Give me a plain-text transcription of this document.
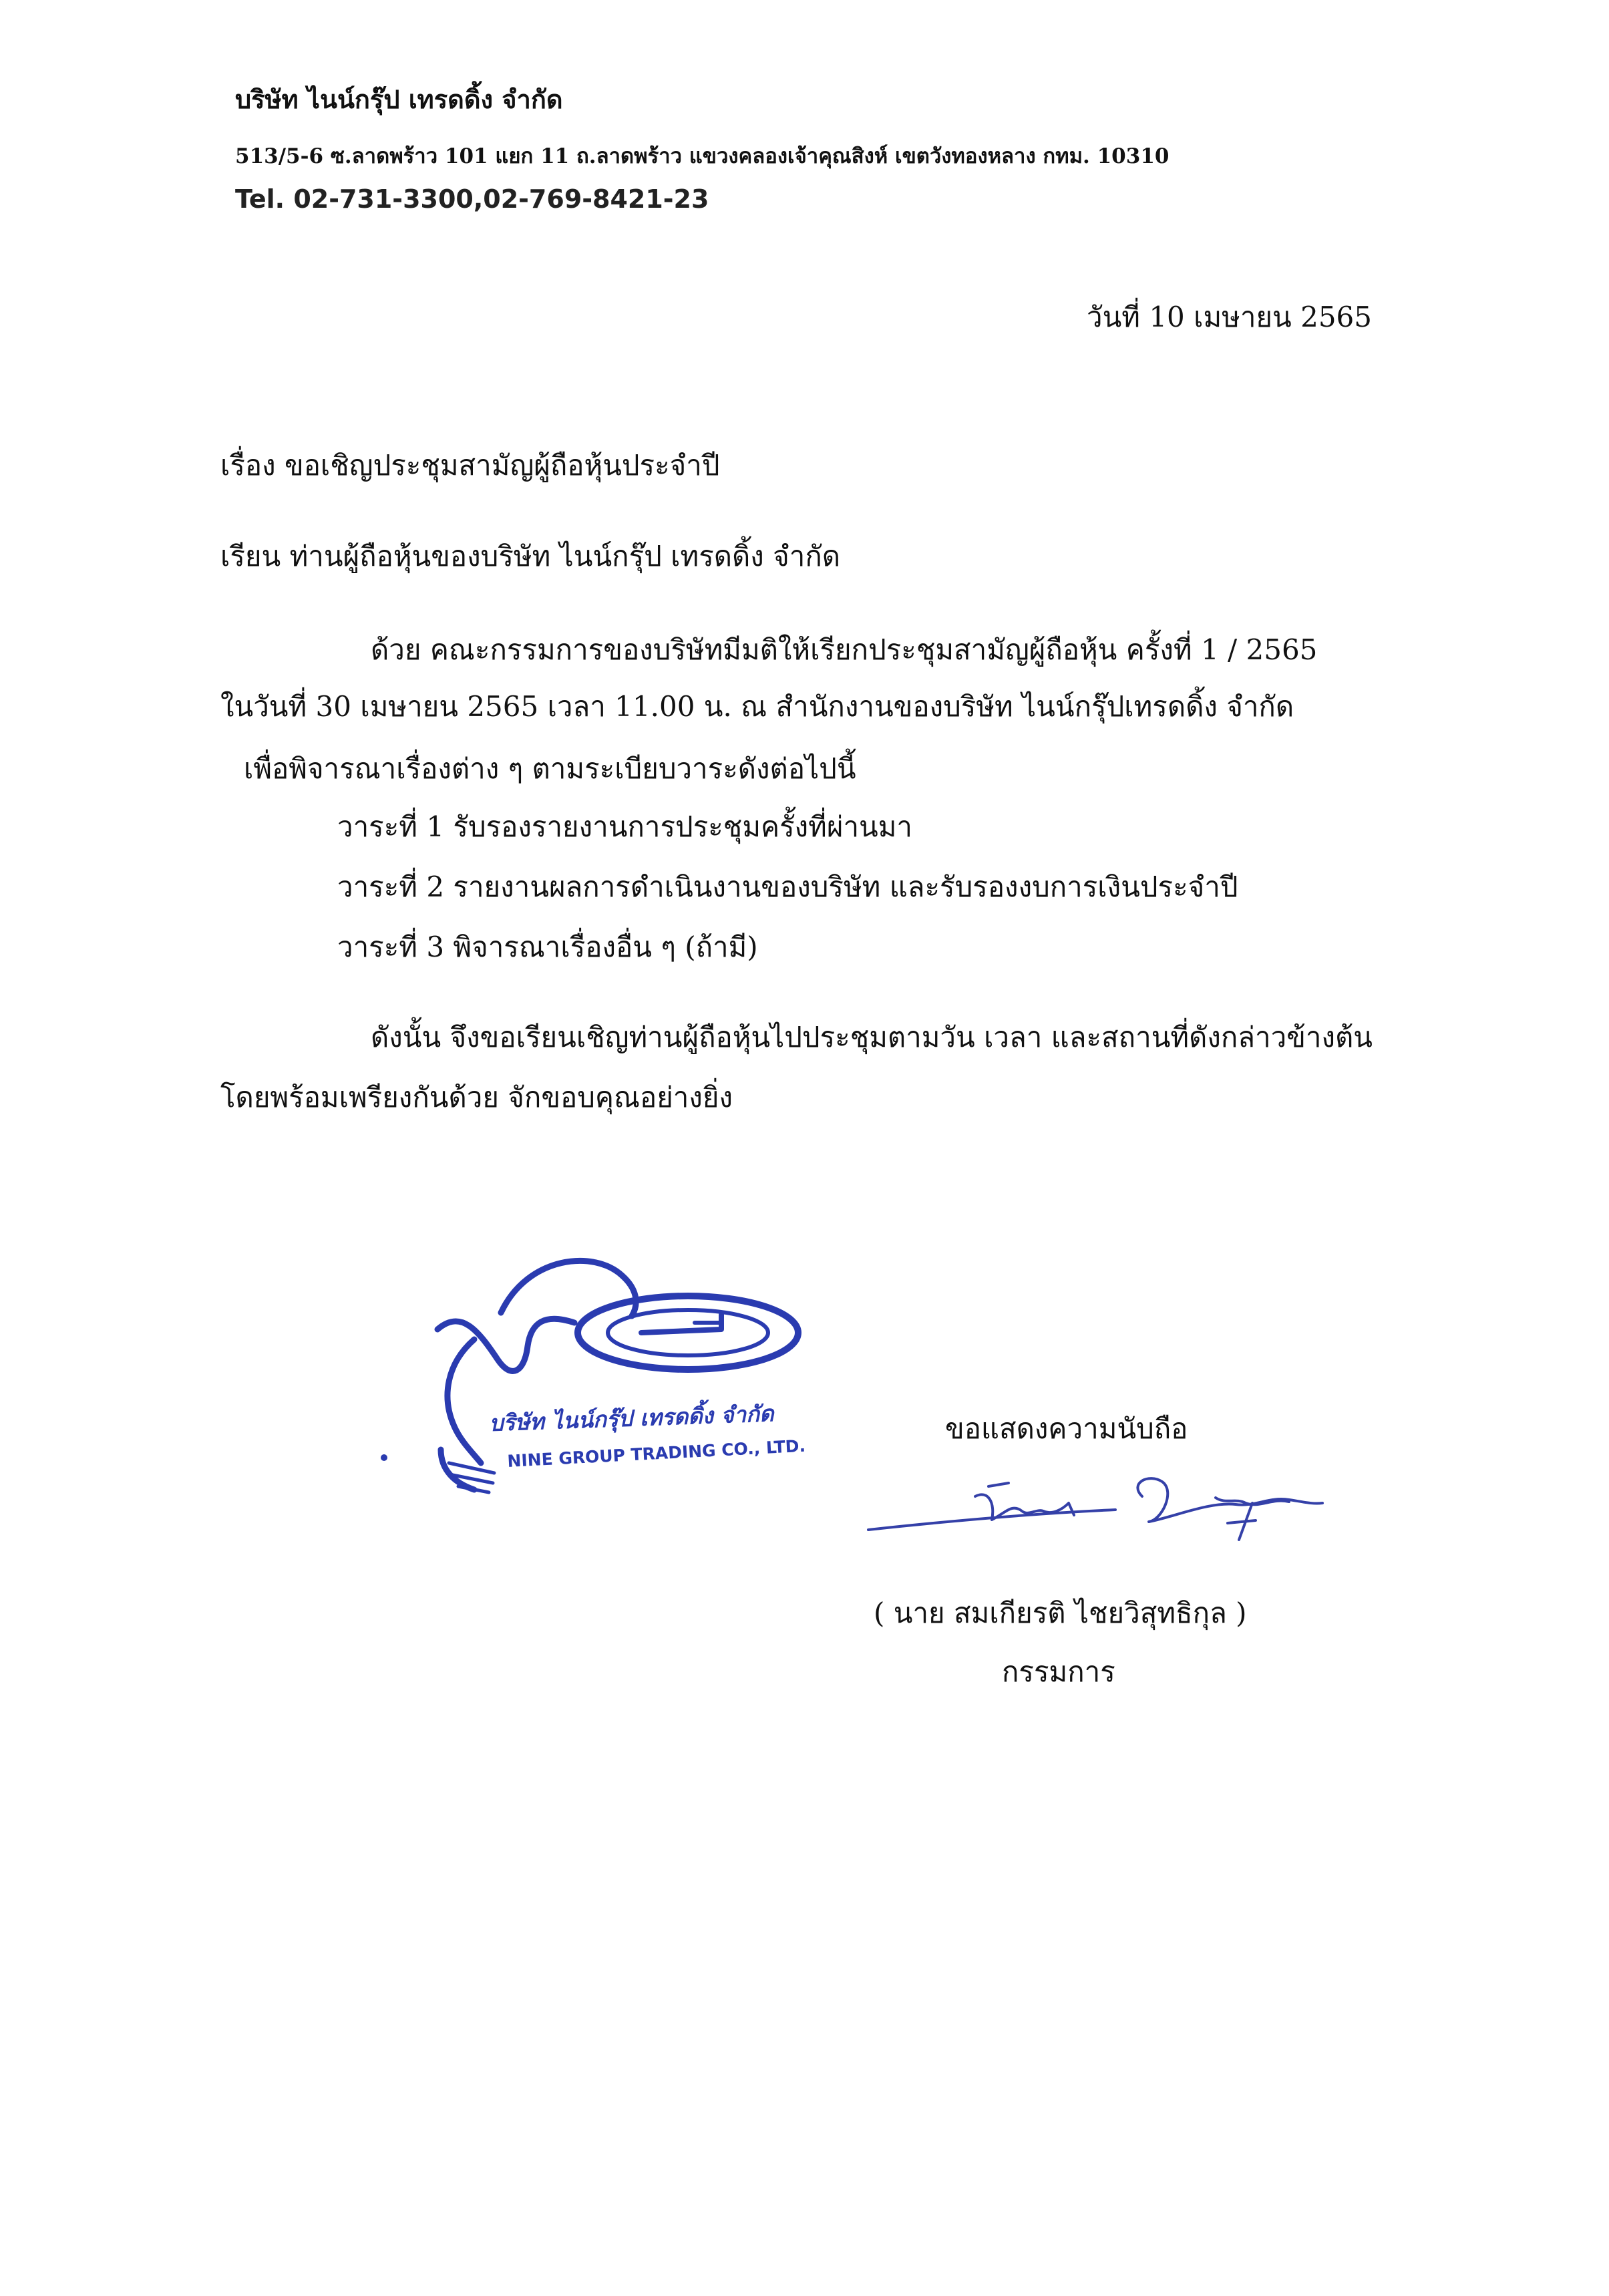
บริษัท ไนน์กรุ๊ป เทรดดิ้ง จำกัด
513/5-6 ซ.ลาดพร้าว 101 แยก 11 ถ.ลาดพร้าว แขวงคลองเจ้าคุณสิงห์ เขตวังทองหลาง กทม. 10310
Tel. 02-731-3300,02-769-8421-23
วันที่ 10 เมษายน 2565
เรื่อง ขอเชิญประชุมสามัญผู้ถือหุ้นประจำปี
เรียน ท่านผู้ถือหุ้นของบริษัท ไนน์กรุ๊ป เทรดดิ้ง จำกัด
ด้วย คณะกรรมการของบริษัทมีมติให้เรียกประชุมสามัญผู้ถือหุ้น ครั้งที่ 1 / 2565
ในวันที่ 30 เมษายน 2565 เวลา 11.00 น. ณ สำนักงานของบริษัท ไนน์กรุ๊ปเทรดดิ้ง จำกัด
เพื่อพิจารณาเรื่องต่าง ๆ ตามระเบียบวาระดังต่อไปนี้
วาระที่ 1 รับรองรายงานการประชุมครั้งที่ผ่านมา
วาระที่ 2 รายงานผลการดำเนินงานของบริษัท และรับรองงบการเงินประจำปี
วาระที่ 3 พิจารณาเรื่องอื่น ๆ (ถ้ามี)
ดังนั้น จึงขอเรียนเชิญท่านผู้ถือหุ้นไปประชุมตามวัน เวลา และสถานที่ดังกล่าวข้างต้น
โดยพร้อมเพรียงกันด้วย จักขอบคุณอย่างยิ่ง
บริษัท ไนน์กรุ๊ป เทรดดิ้ง จำกัด
NINE GROUP TRADING CO., LTD.
ขอแสดงความนับถือ
( นาย สมเกียรติ ไชยวิสุทธิกุล )
กรรมการ
